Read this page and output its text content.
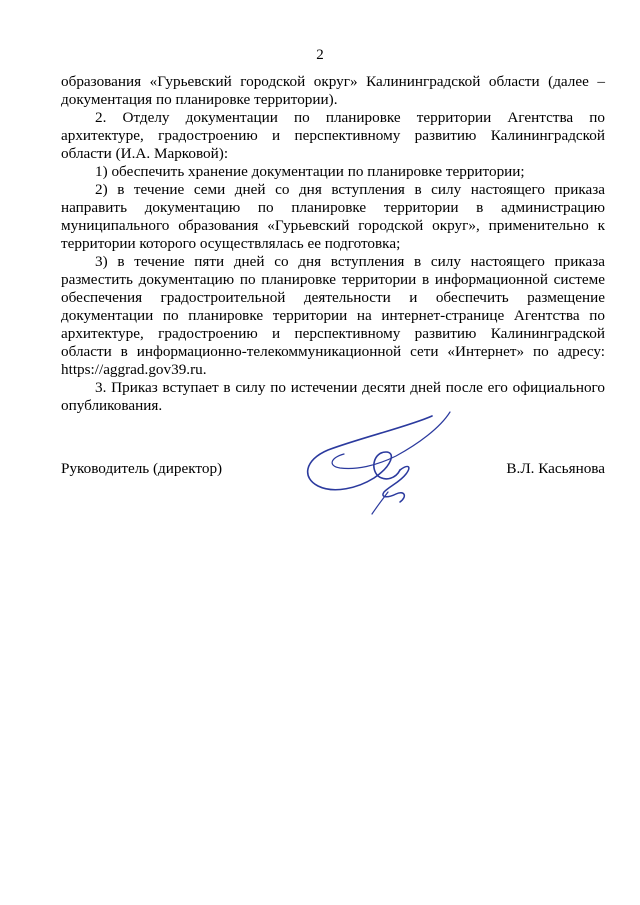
2

образования «Гурьевский городской округ» Калининградской области (далее – документация по планировке территории).

2. Отделу документации по планировке территории Агентства по архитектуре, градостроению и перспективному развитию Калининградской области (И.А. Марковой):

1) обеспечить хранение документации по планировке территории;

2) в течение семи дней со дня вступления в силу настоящего приказа направить документацию по планировке территории в администрацию муниципального образования «Гурьевский городской округ», применительно к территории которого осуществлялась ее подготовка;

3) в течение пяти дней со дня вступления в силу настоящего приказа разместить документацию по планировке территории в информационной системе обеспечения градостроительной деятельности и обеспечить размещение документации по планировке территории на интернет-странице Агентства по архитектуре, градостроению и перспективному развитию Калининградской области в информационно-телекоммуникационной сети «Интернет» по адресу: https://aggrad.gov39.ru.

3. Приказ вступает в силу по истечении десяти дней после его официального опубликования.

Руководитель (директор)	В.Л. Касьянова
